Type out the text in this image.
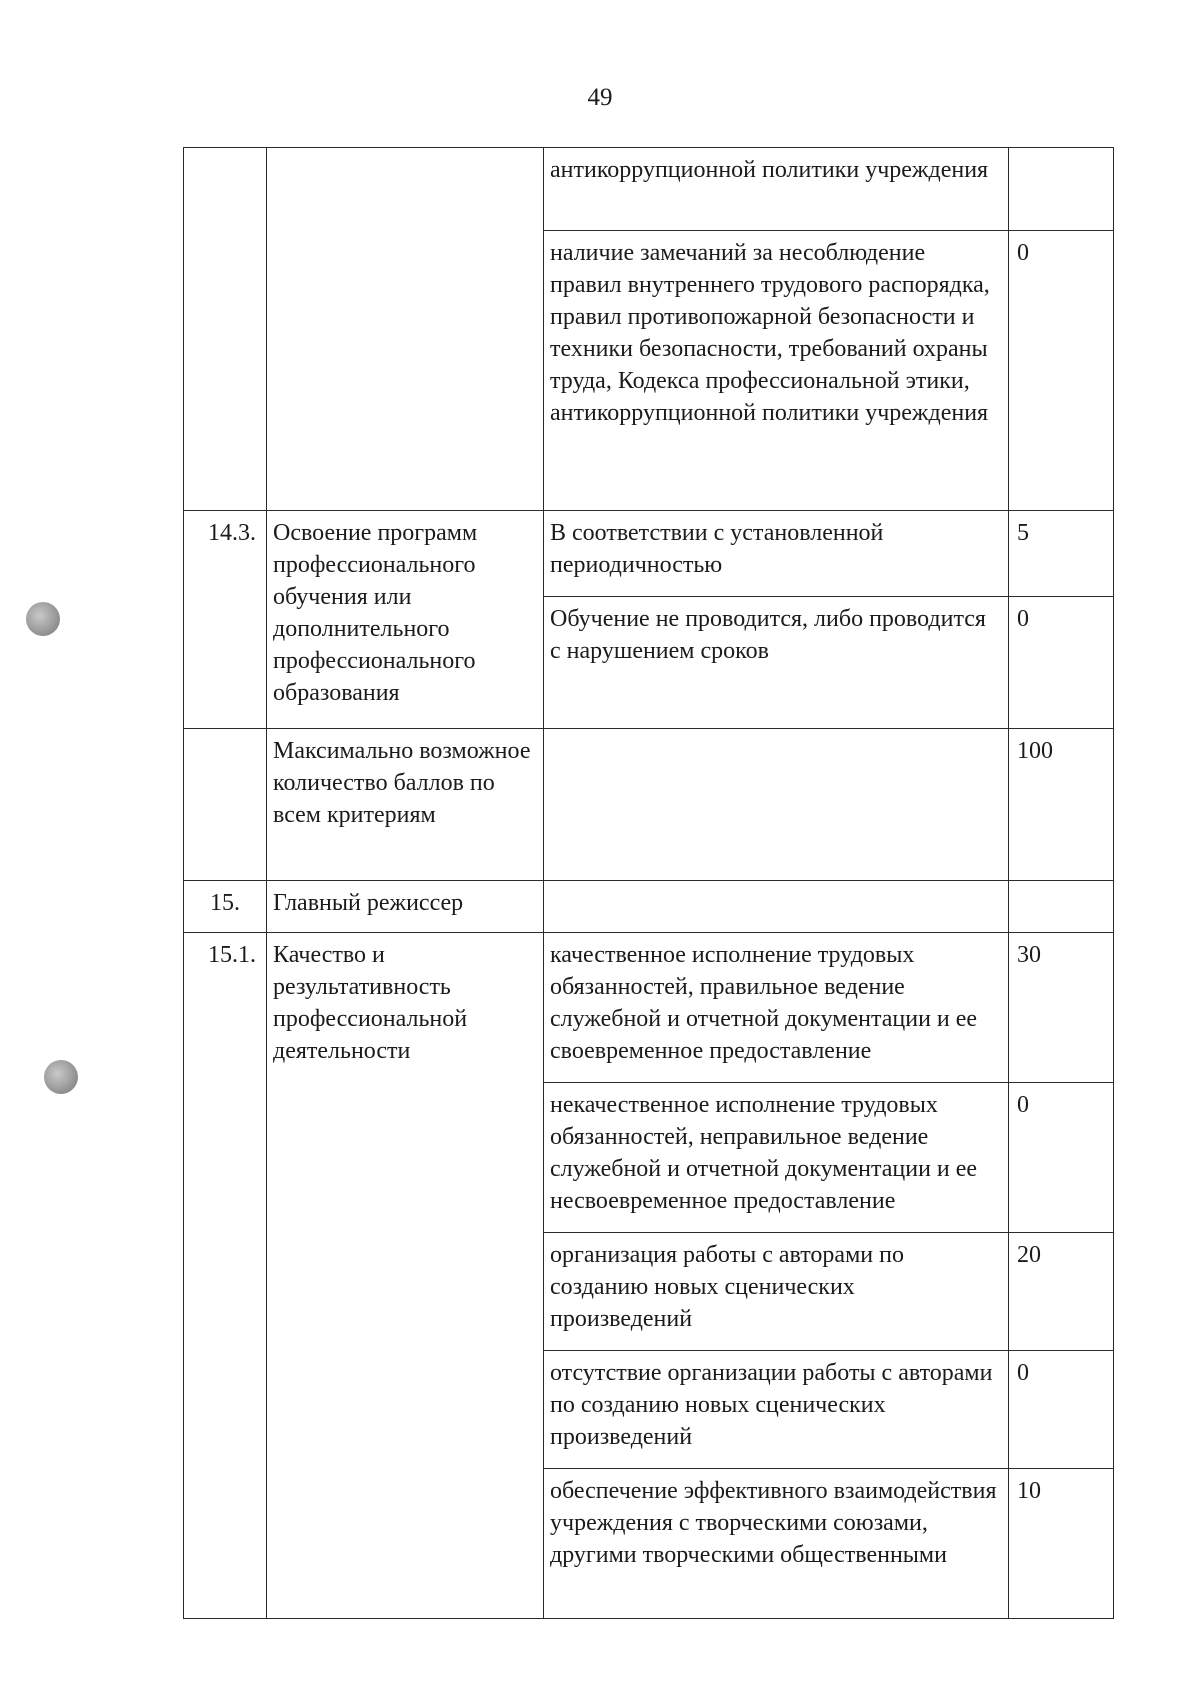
49
		антикоррупционной политики учреждения	
		наличие замечаний за несоблюдение правил внутреннего трудового распорядка, правил противопожарной безопасности и техники безопасности, требований охраны труда, Кодекса профессиональной этики, антикоррупционной политики учреждения	0
14.3.	Освоение программ профессионального обучения или дополнительного профессионального образования	В соответствии с установленной периодичностью	5
		Обучение не проводится, либо проводится с нарушением сроков	0
	Максимально возможное количество баллов по всем критериям		100
15.	Главный режиссер		
15.1.	Качество и результативность профессиональной деятельности	качественное исполнение трудовых обязанностей, правильное ведение служебной и отчетной документации и ее своевременное предоставление	30
		некачественное исполнение трудовых обязанностей, неправильное ведение служебной и отчетной документации и ее несвоевременное предоставление	0
		организация работы с авторами по созданию новых сценических произведений	20
		отсутствие организации работы с авторами по созданию новых сценических произведений	0
		обеспечение эффективного взаимодействия учреждения с творческими союзами, другими творческими общественными	10
